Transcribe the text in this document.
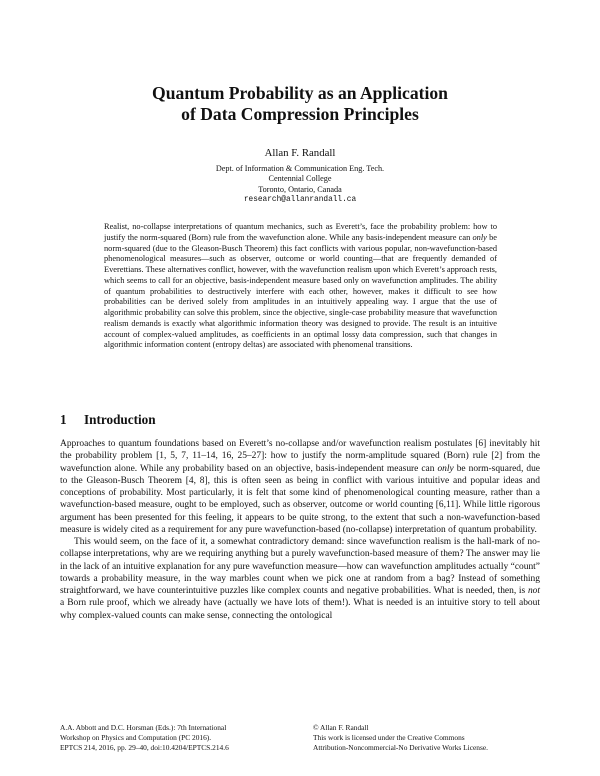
Quantum Probability as an Application
of Data Compression Principles
Allan F. Randall
Dept. of Information & Communication Eng. Tech.
Centennial College
Toronto, Ontario, Canada
research@allanrandall.ca
Realist, no-collapse interpretations of quantum mechanics, such as Everett’s, face the probability problem: how to justify the norm-squared (Born) rule from the wavefunction alone. While any basis-independent measure can only be norm-squared (due to the Gleason-Busch Theorem) this fact conflicts with various popular, non-wavefunction-based phenomenological measures—such as observer, outcome or world counting—that are frequently demanded of Everettians. These alternatives conflict, however, with the wavefunction realism upon which Everett’s approach rests, which seems to call for an objective, basis-independent measure based only on wavefunction amplitudes. The ability of quantum probabilities to destructively interfere with each other, however, makes it difficult to see how probabilities can be derived solely from amplitudes in an intuitively appealing way. I argue that the use of algorithmic probability can solve this problem, since the objective, single-case probability measure that wavefunction realism demands is exactly what algorithmic information theory was designed to provide. The result is an intuitive account of complex-valued amplitudes, as coefficients in an optimal lossy data compression, such that changes in algorithmic information content (entropy deltas) are associated with phenomenal transitions.
1 Introduction

Approaches to quantum foundations based on Everett’s no-collapse and/or wavefunction realism postulates [6] inevitably hit the probability problem [1, 5, 7, 11–14, 16, 25–27]: how to justify the norm-amplitude squared (Born) rule [2] from the wavefunction alone. While any probability based on an objective, basis-independent measure can only be norm-squared, due to the Gleason-Busch Theorem [4, 8], this is often seen as being in conflict with various intuitive and popular ideas and conceptions of probability. Most particularly, it is felt that some kind of phenomenological counting measure, rather than a wavefunction-based measure, ought to be employed, such as observer, outcome or world counting [6,11]. While little rigorous argument has been presented for this feeling, it appears to be quite strong, to the extent that such a non-wavefunction-based measure is widely cited as a requirement for any pure wavefunction-based (no-collapse) interpretation of quantum probability.

This would seem, on the face of it, a somewhat contradictory demand: since wavefunction realism is the hall-mark of no-collapse interpretations, why are we requiring anything but a purely wavefunction-based measure of them? The answer may lie in the lack of an intuitive explanation for any pure wavefunction measure—how can wavefunction amplitudes actually “count” towards a probability measure, in the way marbles count when we pick one at random from a bag? Instead of something straightforward, we have counterintuitive puzzles like complex counts and negative probabilities. What is needed, then, is not a Born rule proof, which we already have (actually we have lots of them!). What is needed is an intuitive story to tell about why complex-valued counts can make sense, connecting the ontological

A.A. Abbott and D.C. Horsman (Eds.): 7th International
Workshop on Physics and Computation (PC 2016).
EPTCS 214, 2016, pp. 29–40, doi:10.4204/EPTCS.214.6
© Allan F. Randall
This work is licensed under the Creative Commons
Attribution-Noncommercial-No Derivative Works License.
